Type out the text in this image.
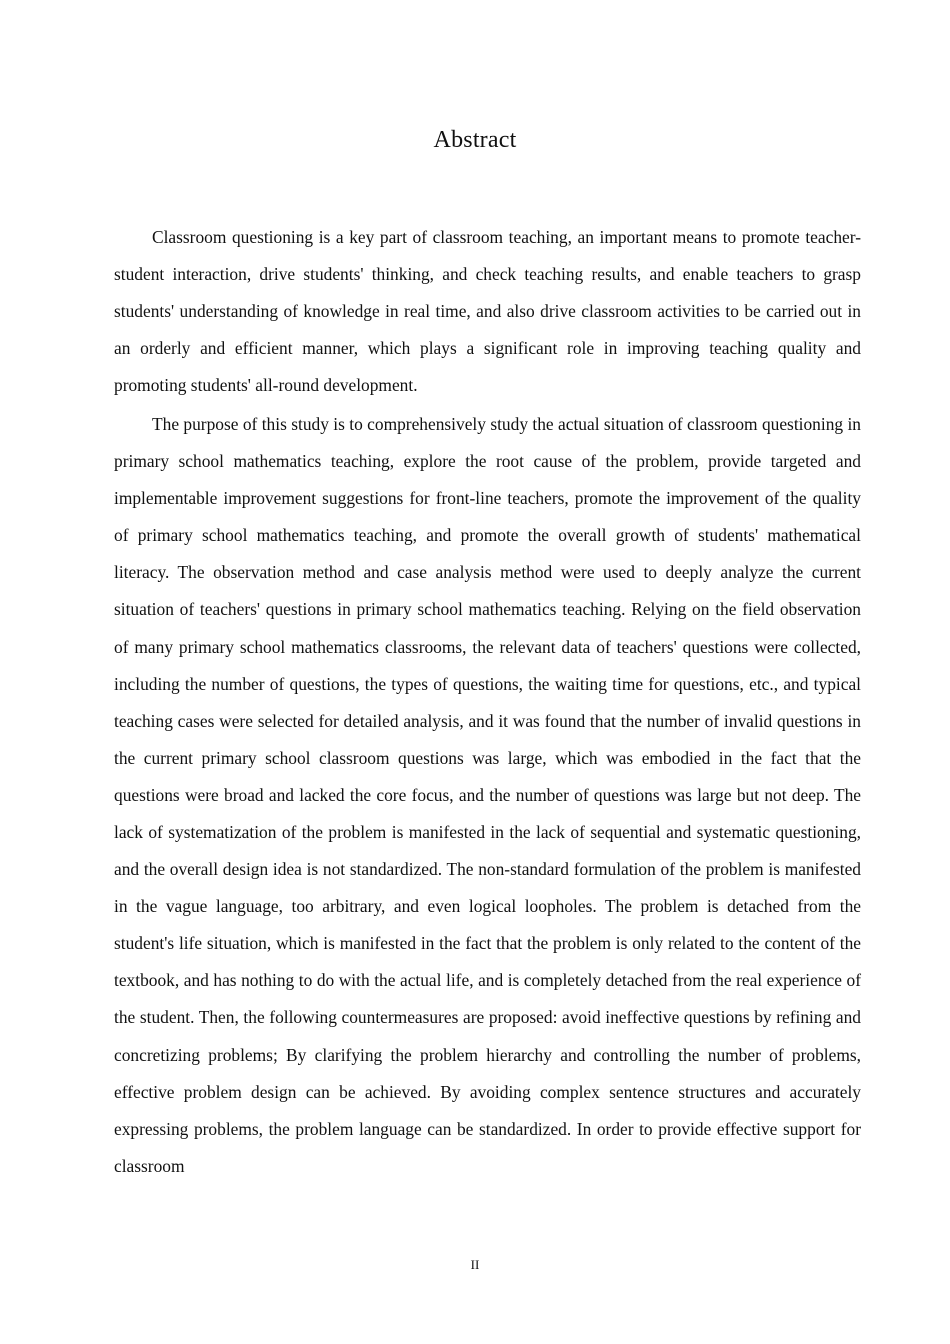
Abstract

Classroom questioning is a key part of classroom teaching, an important means to promote teacher-student interaction, drive students' thinking, and check teaching results, and enable teachers to grasp students' understanding of knowledge in real time, and also drive classroom activities to be carried out in an orderly and efficient manner, which plays a significant role in improving teaching quality and promoting students' all-round development.

The purpose of this study is to comprehensively study the actual situation of classroom questioning in primary school mathematics teaching, explore the root cause of the problem, provide targeted and implementable improvement suggestions for front-line teachers, promote the improvement of the quality of primary school mathematics teaching, and promote the overall growth of students' mathematical literacy. The observation method and case analysis method were used to deeply analyze the current situation of teachers' questions in primary school mathematics teaching. Relying on the field observation of many primary school mathematics classrooms, the relevant data of teachers' questions were collected, including the number of questions, the types of questions, the waiting time for questions, etc., and typical teaching cases were selected for detailed analysis, and it was found that the number of invalid questions in the current primary school classroom questions was large, which was embodied in the fact that the questions were broad and lacked the core focus, and the number of questions was large but not deep. The lack of systematization of the problem is manifested in the lack of sequential and systematic questioning, and the overall design idea is not standardized. The non-standard formulation of the problem is manifested in the vague language, too arbitrary, and even logical loopholes. The problem is detached from the student's life situation, which is manifested in the fact that the problem is only related to the content of the textbook, and has nothing to do with the actual life, and is completely detached from the real experience of the student. Then, the following countermeasures are proposed: avoid ineffective questions by refining and concretizing problems; By clarifying the problem hierarchy and controlling the number of problems, effective problem design can be achieved. By avoiding complex sentence structures and accurately expressing problems, the problem language can be standardized. In order to provide effective support for classroom

II
